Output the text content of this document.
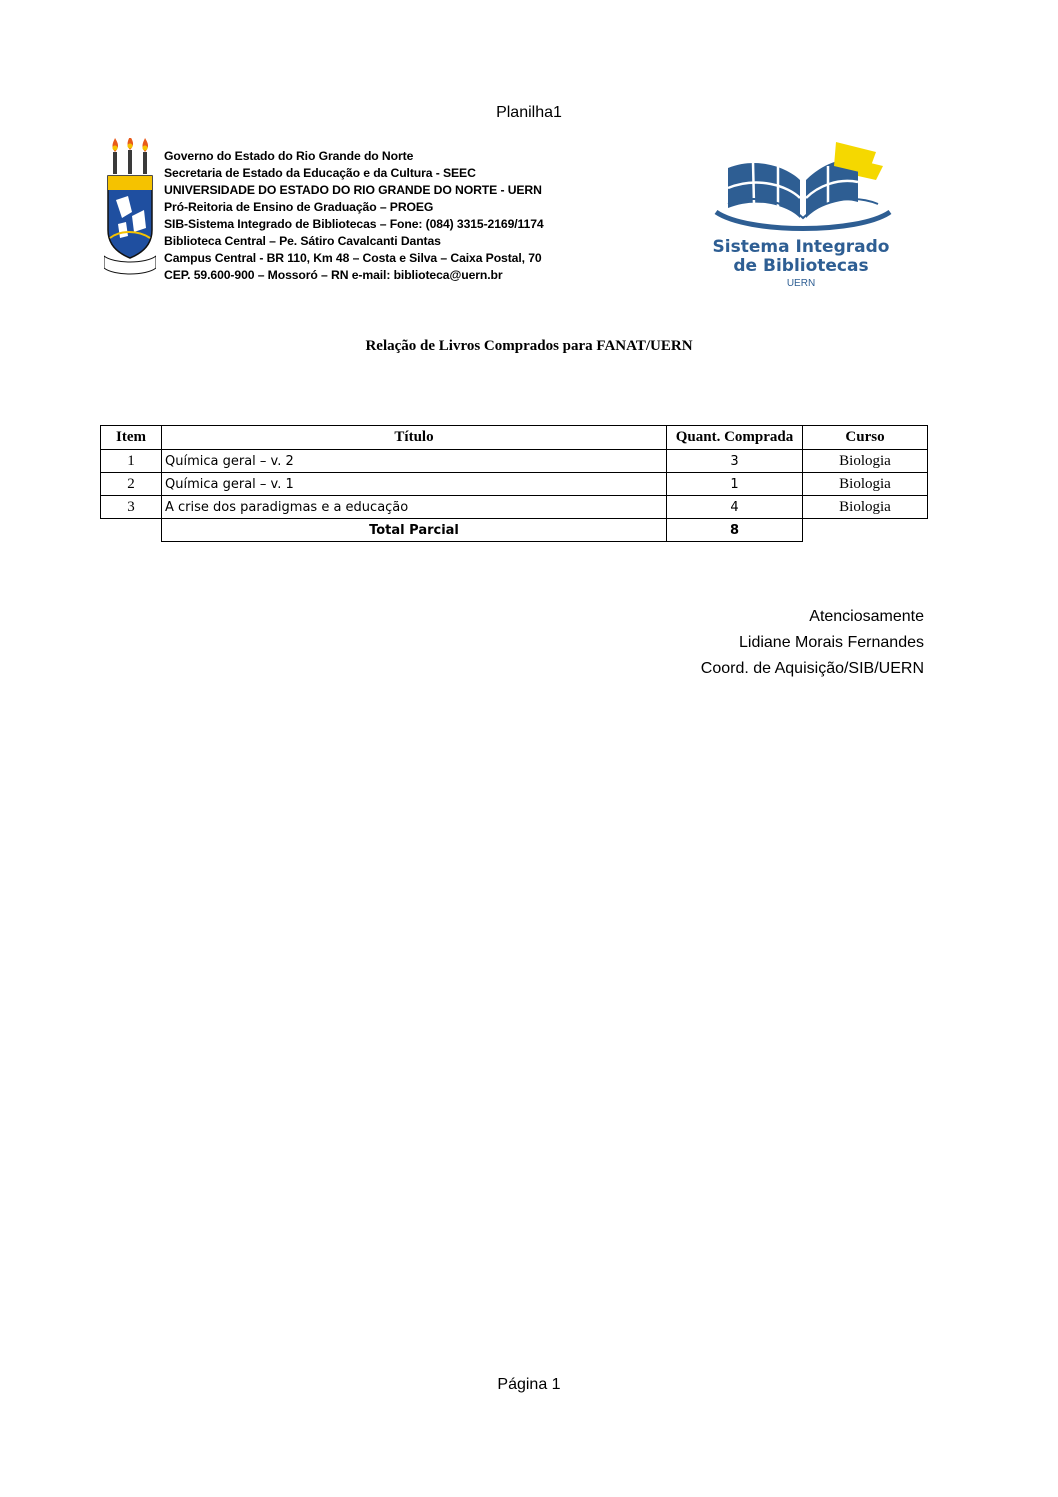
Planilha1
Governo do Estado do Rio Grande do Norte
Secretaria de Estado da Educação e da Cultura - SEEC
UNIVERSIDADE DO ESTADO DO RIO GRANDE DO NORTE - UERN
Pró-Reitoria de Ensino de Graduação – PROEG
SIB-Sistema Integrado de Bibliotecas – Fone: (084) 3315-2169/1174
Biblioteca Central – Pe. Sátiro Cavalcanti Dantas
Campus Central - BR 110, Km 48 – Costa e Silva – Caixa Postal, 70
CEP. 59.600-900 – Mossoró – RN e-mail: biblioteca@uern.br
Sistema Integrado
de Bibliotecas
UERN
Relação de Livros Comprados para FANAT/UERN
Item	Título	Quant. Comprada	Curso
1	Química geral – v. 2	3	Biologia
2	Química geral – v. 1	1	Biologia
3	A crise dos paradigmas e a educação	4	Biologia
	Total Parcial	8	
Atenciosamente
Lidiane Morais Fernandes
Coord. de Aquisição/SIB/UERN
Página 1
